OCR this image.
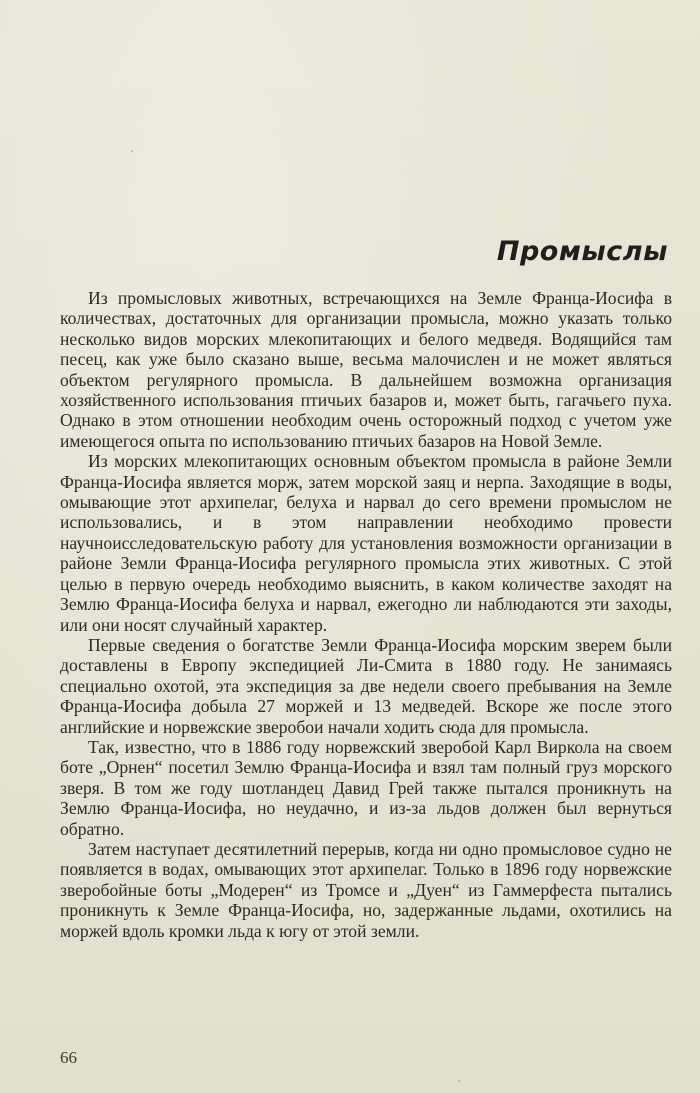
Промыслы

Из промысловых животных, встречающихся на Земле Франца-Иосифа в количествах, достаточных для организации промысла, можно указать только несколько видов морских млекопитающих и белого медведя. Водящийся там песец, как уже было сказано выше, весьма малочислен и не может являться объектом регулярного промысла. В дальнейшем возможна организация хозяйственного использования птичьих базаров и, может быть, гагачьего пуха. Однако в этом отношении необходим очень осторожный подход с учетом уже имеющегося опыта по использованию птичьих базаров на Новой Земле.

Из морских млекопитающих основным объектом промысла в районе Земли Франца-Иосифа является морж, затем морской заяц и нерпа. Заходящие в воды, омывающие этот архипелаг, белуха и нарвал до сего времени промыслом не использовались, и в этом направлении необходимо провести научноисследовательскую работу для установления возможности организации в районе Земли Франца-Иосифа регулярного промысла этих животных. С этой целью в первую очередь необходимо выяснить, в каком количестве заходят на Землю Франца-Иосифа белуха и нарвал, ежегодно ли наблюдаются эти заходы, или они носят случайный характер.

Первые сведения о богатстве Земли Франца-Иосифа морским зверем были доставлены в Европу экспедицией Ли-Смита в 1880 году. Не занимаясь специально охотой, эта экспедиция за две недели своего пребывания на Земле Франца-Иосифа добыла 27 моржей и 13 медведей. Вскоре же после этого английские и норвежские зверобои начали ходить сюда для промысла.

Так, известно, что в 1886 году норвежский зверобой Карл Виркола на своем боте „Орнен“ посетил Землю Франца-Иосифа и взял там полный груз морского зверя. В том же году шотландец Давид Грей также пытался проникнуть на Землю Франца-Иосифа, но неудачно, и из-за льдов должен был вернуться обратно.

Затем наступает десятилетний перерыв, когда ни одно промысловое судно не появляется в водах, омывающих этот архипелаг. Только в 1896 году норвежские зверобойные боты „Модерен“ из Тромсе и „Дуен“ из Гаммерфеста пытались проникнуть к Земле Франца-Иосифа, но, задержанные льдами, охотились на моржей вдоль кромки льда к югу от этой земли.

66
